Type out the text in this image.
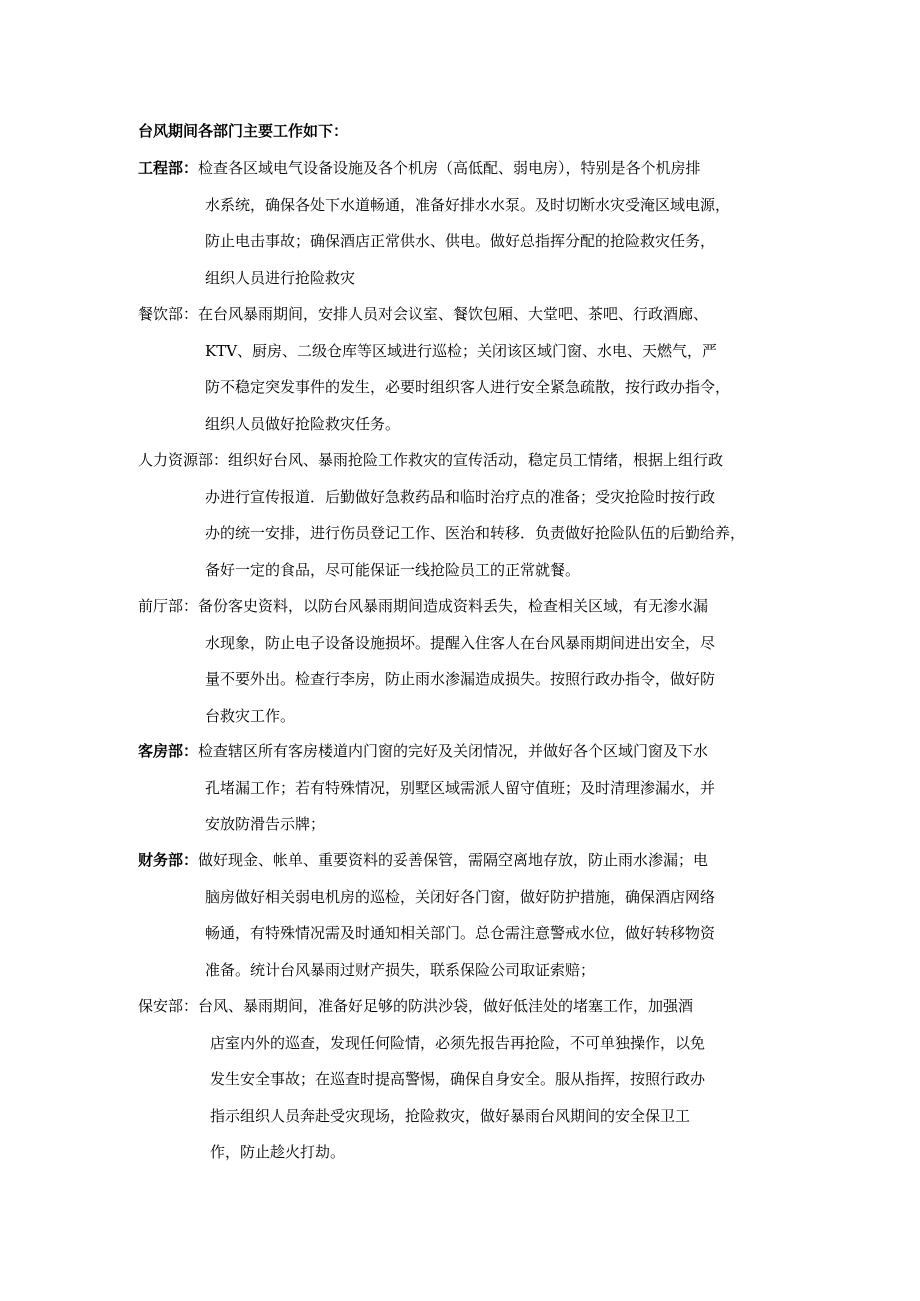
台风期间各部门主要工作如下：
工程部：检查各区域电气设备设施及各个机房（高低配、弱电房），特别是各个机房排
水系统，确保各处下水道畅通，准备好排水水泵。及时切断水灾受淹区域电源，
防止电击事故；确保酒店正常供水、供电。做好总指挥分配的抢险救灾任务，
组织人员进行抢险救灾
餐饮部：在台风暴雨期间，安排人员对会议室、餐饮包厢、大堂吧、茶吧、行政酒廊、
KTV、厨房、二级仓库等区域进行巡检；关闭该区域门窗、水电、天燃气，严
防不稳定突发事件的发生，必要时组织客人进行安全紧急疏散，按行政办指令，
组织人员做好抢险救灾任务。
人力资源部：组织好台风、暴雨抢险工作救灾的宣传活动，稳定员工情绪，根据上组行政
办进行宣传报道．后勤做好急救药品和临时治疗点的准备；受灾抢险时按行政
办的统一安排，进行伤员登记工作、医治和转移．负责做好抢险队伍的后勤给养，
备好一定的食品，尽可能保证一线抢险员工的正常就餐。
前厅部：备份客史资料，以防台风暴雨期间造成资料丢失，检查相关区域，有无渗水漏
水现象，防止电子设备设施损坏。提醒入住客人在台风暴雨期间进出安全，尽
量不要外出。检查行李房，防止雨水渗漏造成损失。按照行政办指令，做好防
台救灾工作。
客房部：检查辖区所有客房楼道内门窗的完好及关闭情况，并做好各个区域门窗及下水
孔堵漏工作；若有特殊情况，别墅区域需派人留守值班；及时清理渗漏水，并
安放防滑告示牌；
财务部：做好现金、帐单、重要资料的妥善保管，需隔空离地存放，防止雨水渗漏；电
脑房做好相关弱电机房的巡检，关闭好各门窗，做好防护措施，确保酒店网络
畅通，有特殊情况需及时通知相关部门。总仓需注意警戒水位，做好转移物资
准备。统计台风暴雨过财产损失，联系保险公司取证索赔；
保安部：台风、暴雨期间，准备好足够的防洪沙袋，做好低洼处的堵塞工作，加强酒
店室内外的巡查，发现任何险情，必须先报告再抢险，不可单独操作，以免
发生安全事故；在巡查时提高警惕，确保自身安全。服从指挥，按照行政办
指示组织人员奔赴受灾现场，抢险救灾，做好暴雨台风期间的安全保卫工
作，防止趁火打劫。
